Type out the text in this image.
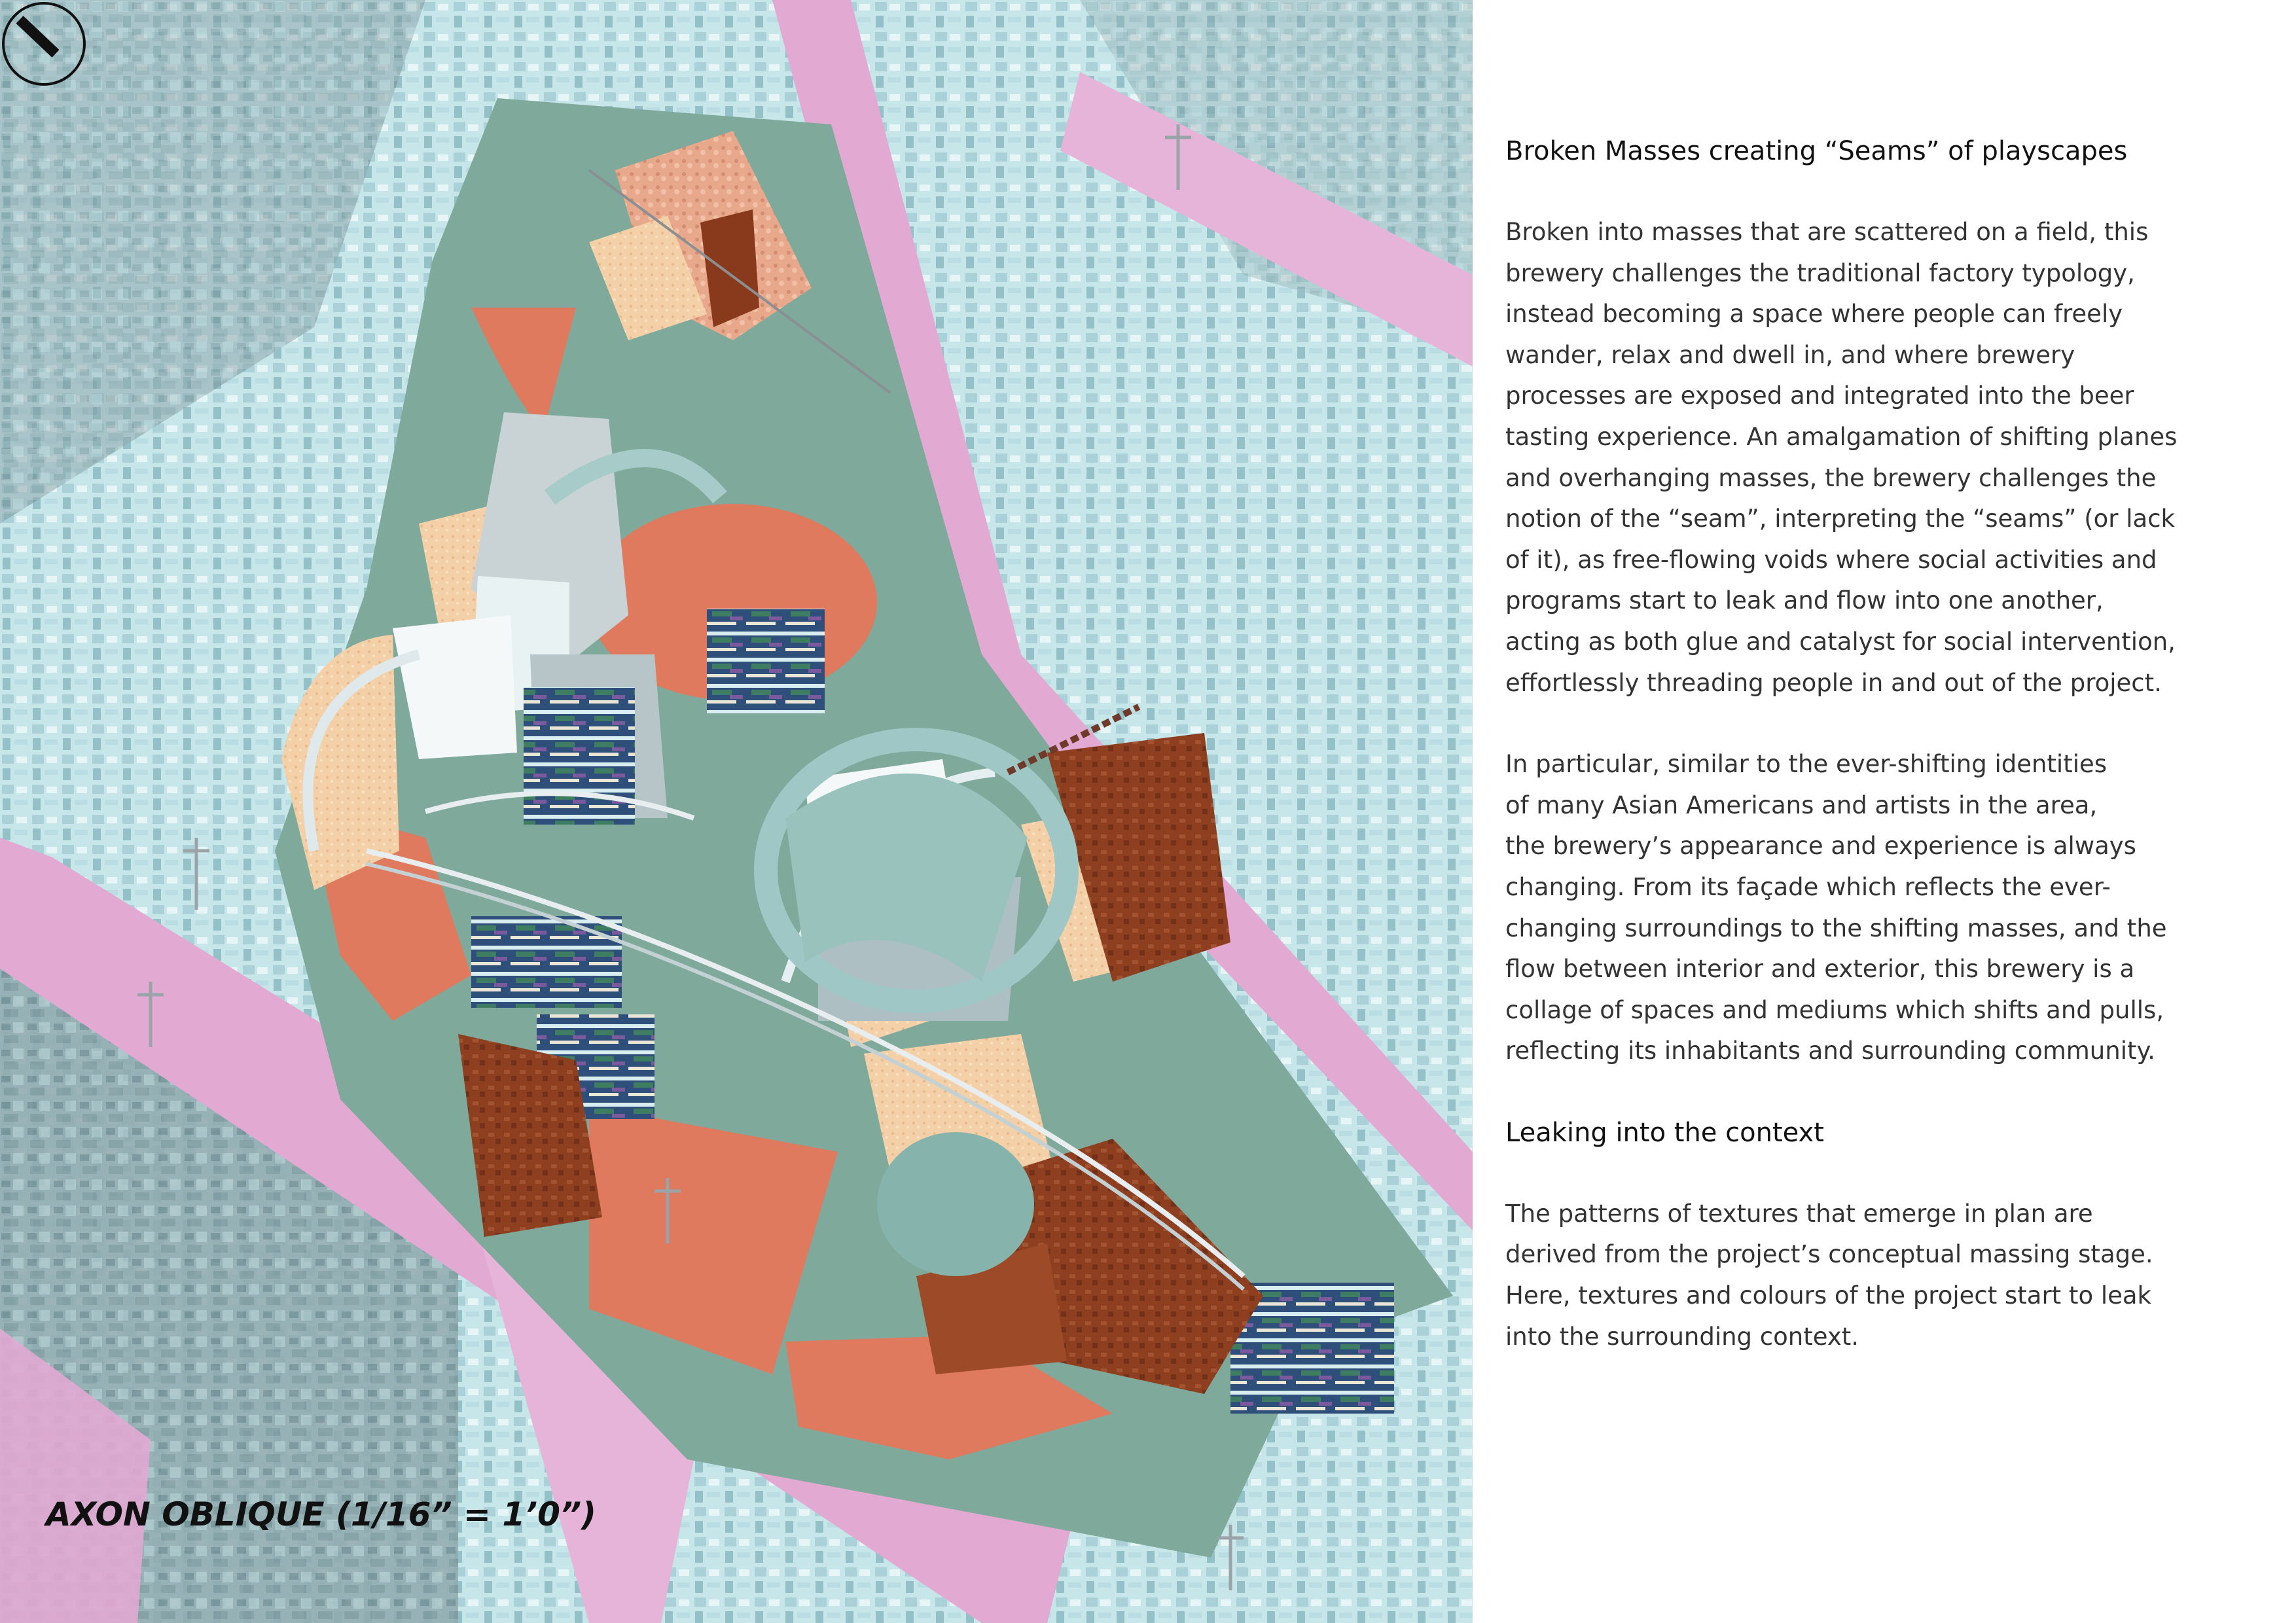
AXON OBLIQUE (1/16” = 1’0”)
Broken Masses creating “Seams” of playscapes
Broken into masses that are scattered on a field, this
brewery challenges the traditional factory typology,
instead becoming a space where people can freely
wander, relax and dwell in, and where brewery
processes are exposed and integrated into the beer
tasting experience. An amalgamation of shifting planes
and overhanging masses, the brewery challenges the
notion of the “seam”, interpreting the “seams” (or lack
of it), as free-flowing voids where social activities and
programs start to leak and flow into one another,
acting as both glue and catalyst for social intervention,
effortlessly threading people in and out of the project.
In particular, similar to the ever-shifting identities
of many Asian Americans and artists in the area,
the brewery’s appearance and experience is always
changing. From its façade which reflects the ever-
changing surroundings to the shifting masses, and the
flow between interior and exterior, this brewery is a
collage of spaces and mediums which shifts and pulls,
reflecting its inhabitants and surrounding community.
Leaking into the context
The patterns of textures that emerge in plan are
derived from the project’s conceptual massing stage.
Here, textures and colours of the project start to leak
into the surrounding context.
